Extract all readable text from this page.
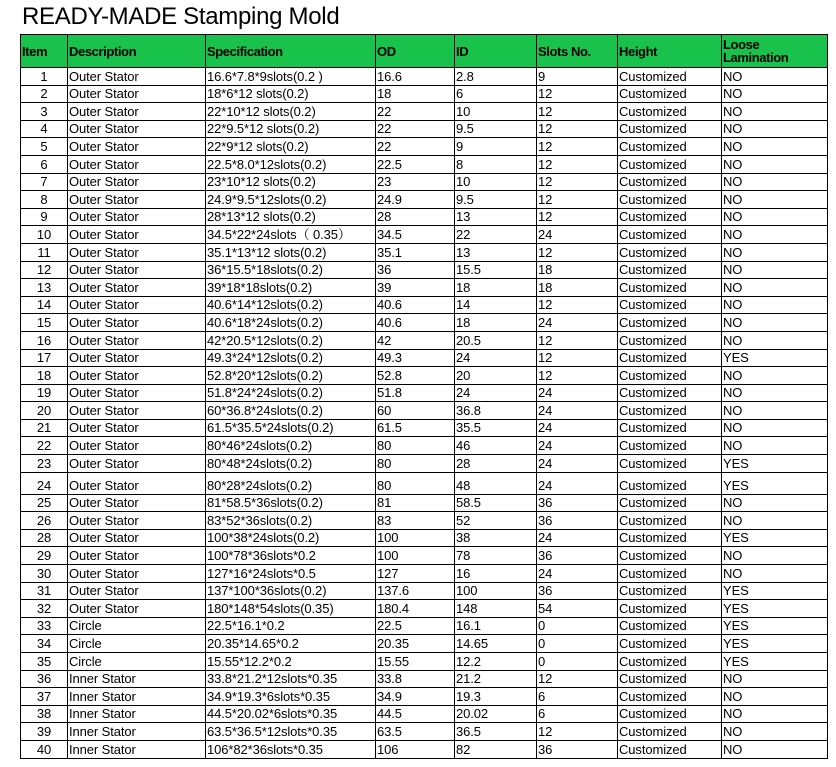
READY-MADE Stamping Mold
Item	Description	Specification	OD	ID	Slots No.	Height	Loose Lamination
1	Outer Stator	16.6*7.8*9slots(0.2 )	16.6	2.8	9	Customized	NO
2	Outer Stator	18*6*12 slots(0.2)	18	6	12	Customized	NO
3	Outer Stator	22*10*12 slots(0.2)	22	10	12	Customized	NO
4	Outer Stator	22*9.5*12 slots(0.2)	22	9.5	12	Customized	NO
5	Outer Stator	22*9*12 slots(0.2)	22	9	12	Customized	NO
6	Outer Stator	22.5*8.0*12slots(0.2)	22.5	8	12	Customized	NO
7	Outer Stator	23*10*12 slots(0.2)	23	10	12	Customized	NO
8	Outer Stator	24.9*9.5*12slots(0.2)	24.9	9.5	12	Customized	NO
9	Outer Stator	28*13*12 slots(0.2)	28	13	12	Customized	NO
10	Outer Stator	34.5*22*24slots（ 0.35）	34.5	22	24	Customized	NO
11	Outer Stator	35.1*13*12 slots(0.2)	35.1	13	12	Customized	NO
12	Outer Stator	36*15.5*18slots(0.2)	36	15.5	18	Customized	NO
13	Outer Stator	39*18*18slots(0.2)	39	18	18	Customized	NO
14	Outer Stator	40.6*14*12slots(0.2)	40.6	14	12	Customized	NO
15	Outer Stator	40.6*18*24slots(0.2)	40.6	18	24	Customized	NO
16	Outer Stator	42*20.5*12slots(0.2)	42	20.5	12	Customized	NO
17	Outer Stator	49.3*24*12slots(0.2)	49.3	24	12	Customized	YES
18	Outer Stator	52.8*20*12slots(0.2)	52.8	20	12	Customized	NO
19	Outer Stator	51.8*24*24slots(0.2)	51.8	24	24	Customized	NO
20	Outer Stator	60*36.8*24slots(0.2)	60	36.8	24	Customized	NO
21	Outer Stator	61.5*35.5*24slots(0.2)	61.5	35.5	24	Customized	NO
22	Outer Stator	80*46*24slots(0.2)	80	46	24	Customized	NO
23	Outer Stator	80*48*24slots(0.2)	80	28	24	Customized	YES
24	Outer Stator	80*28*24slots(0.2)	80	48	24	Customized	YES
25	Outer Stator	81*58.5*36slots(0.2)	81	58.5	36	Customized	NO
26	Outer Stator	83*52*36slots(0.2)	83	52	36	Customized	NO
28	Outer Stator	100*38*24slots(0.2)	100	38	24	Customized	YES
29	Outer Stator	100*78*36slots*0.2	100	78	36	Customized	NO
30	Outer Stator	127*16*24slots*0.5	127	16	24	Customized	NO
31	Outer Stator	137*100*36slots(0.2)	137.6	100	36	Customized	YES
32	Outer Stator	180*148*54slots(0.35)	180.4	148	54	Customized	YES
33	Circle	22.5*16.1*0.2	22.5	16.1	0	Customized	YES
34	Circle	20.35*14.65*0.2	20.35	14.65	0	Customized	YES
35	Circle	15.55*12.2*0.2	15.55	12.2	0	Customized	YES
36	Inner Stator	33.8*21.2*12slots*0.35	33.8	21.2	12	Customized	NO
37	Inner Stator	34.9*19.3*6slots*0.35	34.9	19.3	6	Customized	NO
38	Inner Stator	44.5*20.02*6slots*0.35	44.5	20.02	6	Customized	NO
39	Inner Stator	63.5*36.5*12slots*0.35	63.5	36.5	12	Customized	NO
40	Inner Stator	106*82*36slots*0.35	106	82	36	Customized	NO
